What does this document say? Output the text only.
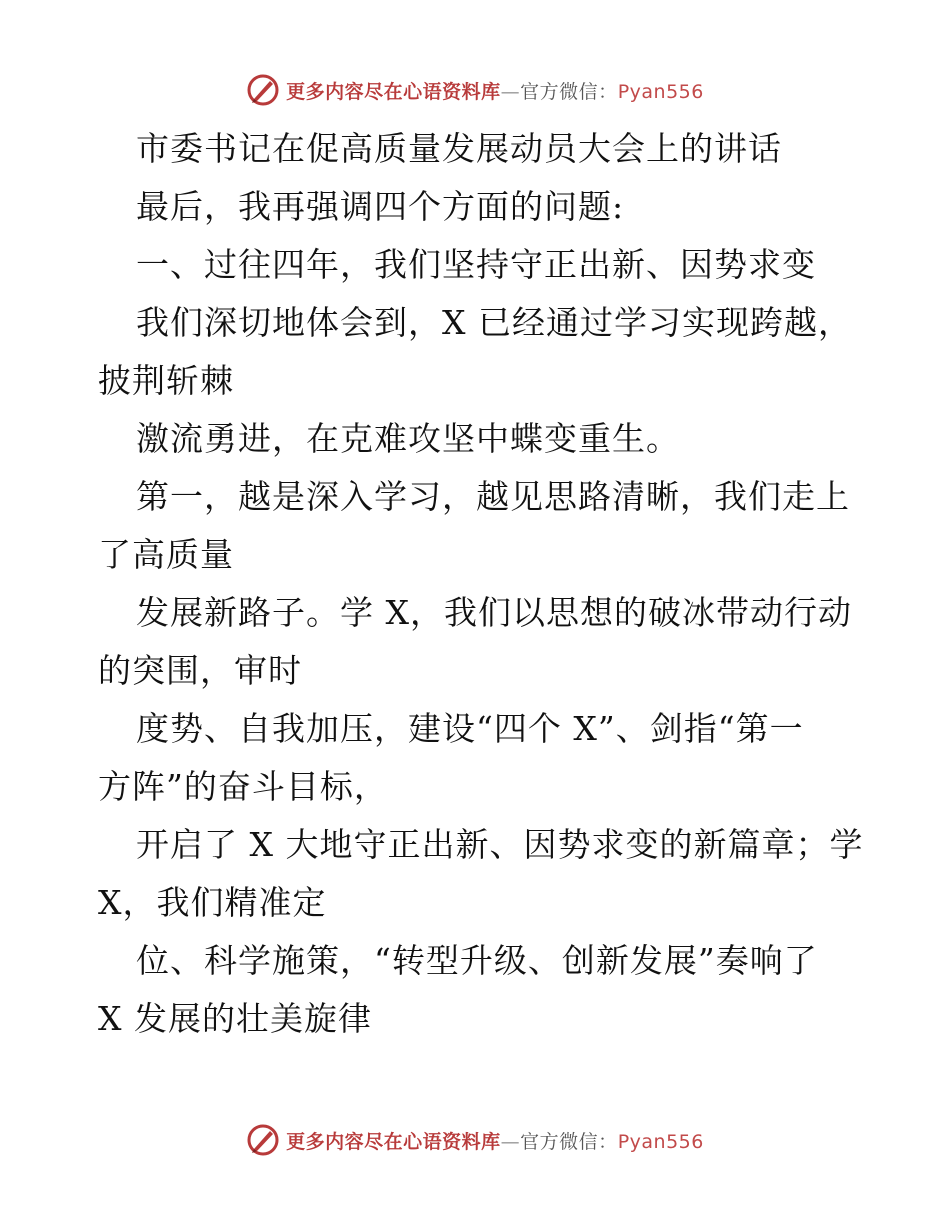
更多内容尽在心语资料库—官方微信：Pyan556

市委书记在促高质量发展动员大会上的讲话

最后，我再强调四个方面的问题:

一、过往四年，我们坚持守正出新、因势求变

我们深切地体会到，X 已经通过学习实现跨越，

披荆斩棘

激流勇进，在克难攻坚中蝶变重生。

第一，越是深入学习，越见思路清晰，我们走上

了高质量

发展新路子。学 X，我们以思想的破冰带动行动

的突围，审时

度势、自我加压，建设“四个 X”、剑指“第一

方阵”的奋斗目标，

开启了 X 大地守正出新、因势求变的新篇章；学

X，我们精准定

位、科学施策，“转型升级、创新发展”奏响了

X 发展的壮美旋律

更多内容尽在心语资料库—官方微信：Pyan556
